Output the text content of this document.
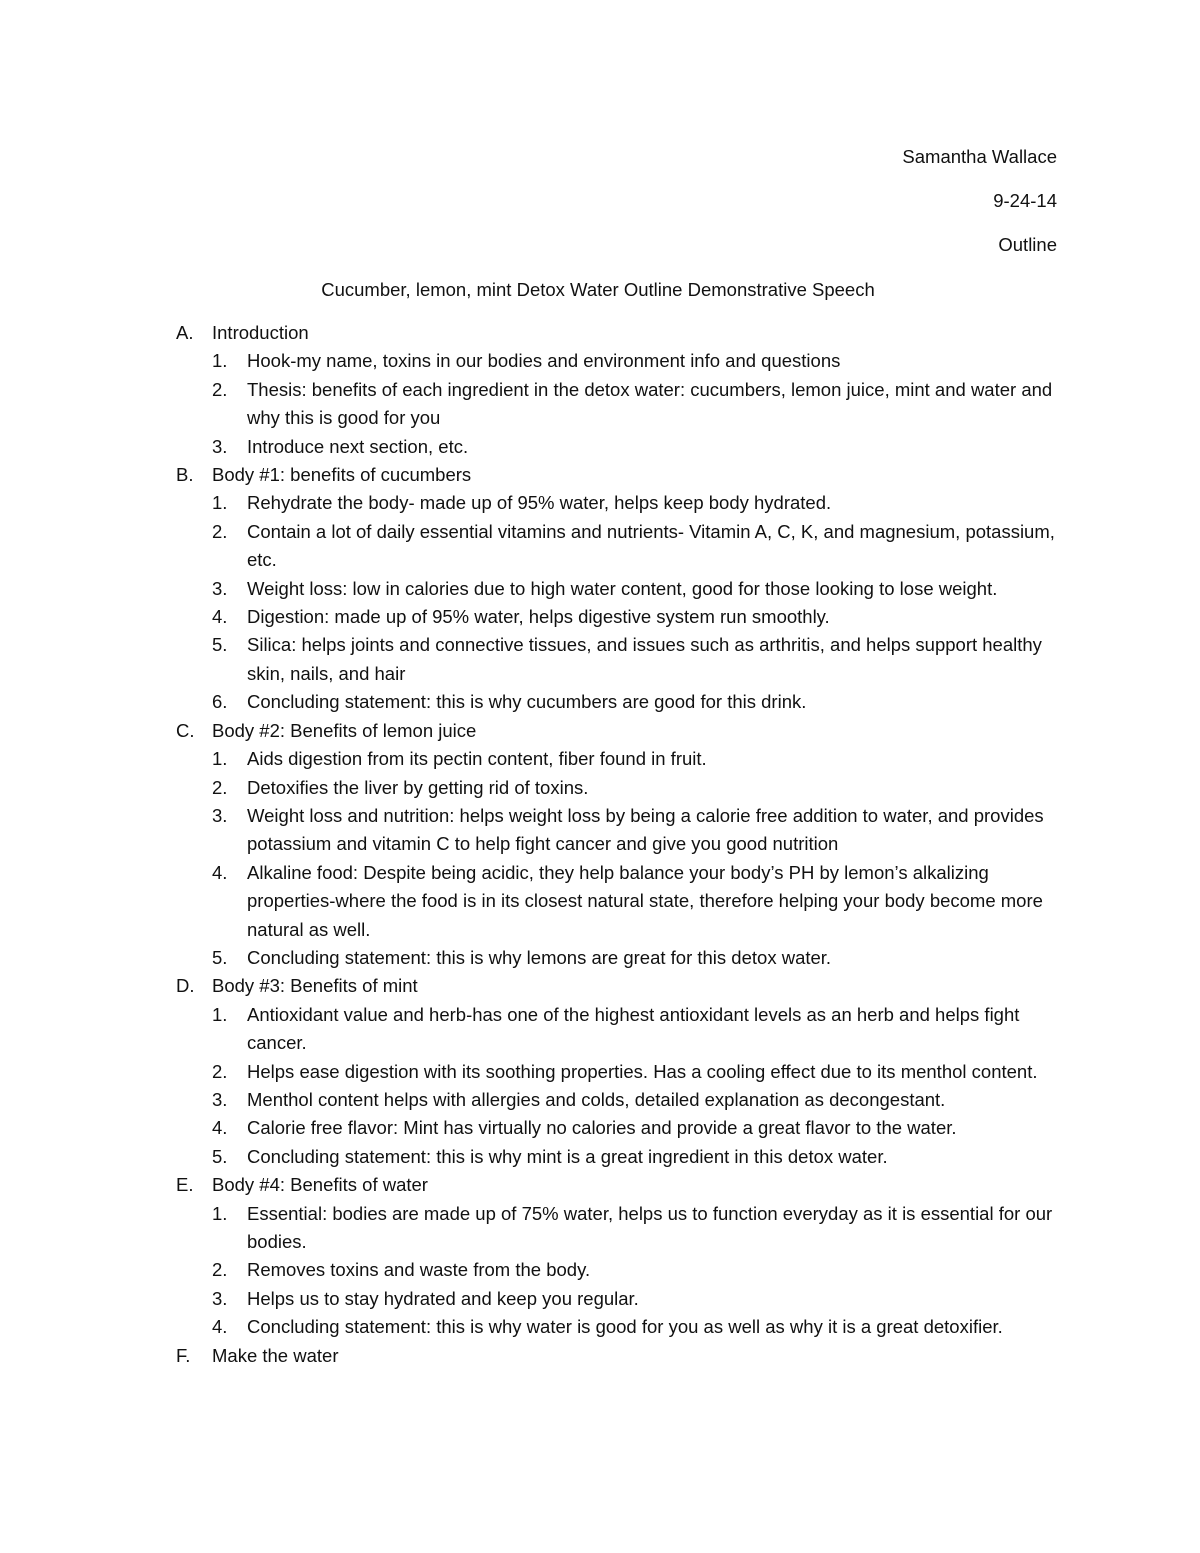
Samantha Wallace
9-24-14
Outline
Cucumber, lemon, mint Detox Water Outline Demonstrative Speech
A. Introduction
1. Hook-my name, toxins in our bodies and environment info and questions
2. Thesis: benefits of each ingredient in the detox water: cucumbers, lemon juice, mint and water and why this is good for you
3. Introduce next section, etc.
B. Body #1: benefits of cucumbers
1. Rehydrate the body- made up of 95% water, helps keep body hydrated.
2. Contain a lot of daily essential vitamins and nutrients- Vitamin A, C, K, and magnesium, potassium, etc.
3. Weight loss: low in calories due to high water content, good for those looking to lose weight.
4. Digestion: made up of 95% water, helps digestive system run smoothly.
5. Silica: helps joints and connective tissues, and issues such as arthritis, and helps support healthy skin, nails, and hair
6. Concluding statement: this is why cucumbers are good for this drink.
C. Body #2: Benefits of lemon juice
1. Aids digestion from its pectin content, fiber found in fruit.
2. Detoxifies the liver by getting rid of toxins.
3. Weight loss and nutrition: helps weight loss by being a calorie free addition to water, and provides potassium and vitamin C to help fight cancer and give you good nutrition
4. Alkaline food: Despite being acidic, they help balance your body’s PH by lemon’s alkalizing properties-where the food is in its closest natural state, therefore helping your body become more natural as well.
5. Concluding statement: this is why lemons are great for this detox water.
D. Body #3: Benefits of mint
1. Antioxidant value and herb-has one of the highest antioxidant levels as an herb and helps fight cancer.
2. Helps ease digestion with its soothing properties. Has a cooling effect due to its menthol content.
3. Menthol content helps with allergies and colds, detailed explanation as decongestant.
4. Calorie free flavor: Mint has virtually no calories and provide a great flavor to the water.
5. Concluding statement: this is why mint is a great ingredient in this detox water.
E. Body #4: Benefits of water
1. Essential: bodies are made up of 75% water, helps us to function everyday as it is essential for our bodies.
2. Removes toxins and waste from the body.
3. Helps us to stay hydrated and keep you regular.
4. Concluding statement: this is why water is good for you as well as why it is a great detoxifier.
F. Make the water
